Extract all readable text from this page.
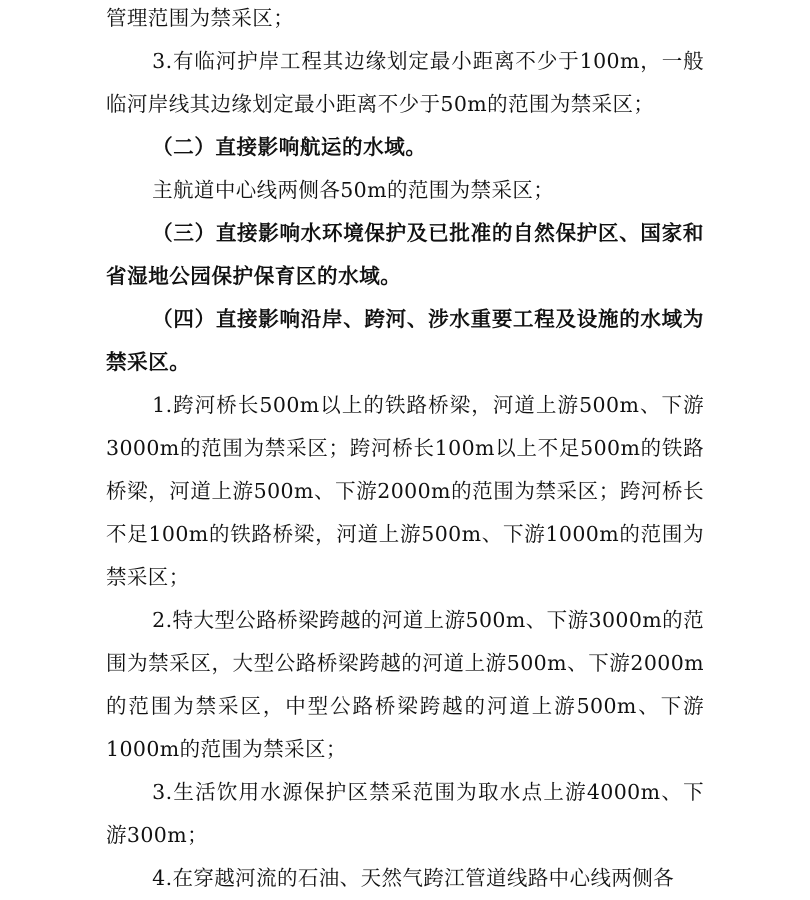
管理范围为禁采区；

3.有临河护岸工程其边缘划定最小距离不少于100m，一般临河岸线其边缘划定最小距离不少于50m的范围为禁采区；

（二）直接影响航运的水域。

主航道中心线两侧各50m的范围为禁采区；

（三）直接影响水环境保护及已批准的自然保护区、国家和省湿地公园保护保育区的水域。

（四）直接影响沿岸、跨河、涉水重要工程及设施的水域为禁采区。

1.跨河桥长500m以上的铁路桥梁，河道上游500m、下游3000m的范围为禁采区；跨河桥长100m以上不足500m的铁路桥梁，河道上游500m、下游2000m的范围为禁采区；跨河桥长不足100m的铁路桥梁，河道上游500m、下游1000m的范围为禁采区；

2.特大型公路桥梁跨越的河道上游500m、下游3000m的范围为禁采区，大型公路桥梁跨越的河道上游500m、下游2000m的范围为禁采区，中型公路桥梁跨越的河道上游500m、下游1000m的范围为禁采区；

3.生活饮用水源保护区禁采范围为取水点上游4000m、下游300m；

4.在穿越河流的石油、天然气跨江管道线路中心线两侧各
